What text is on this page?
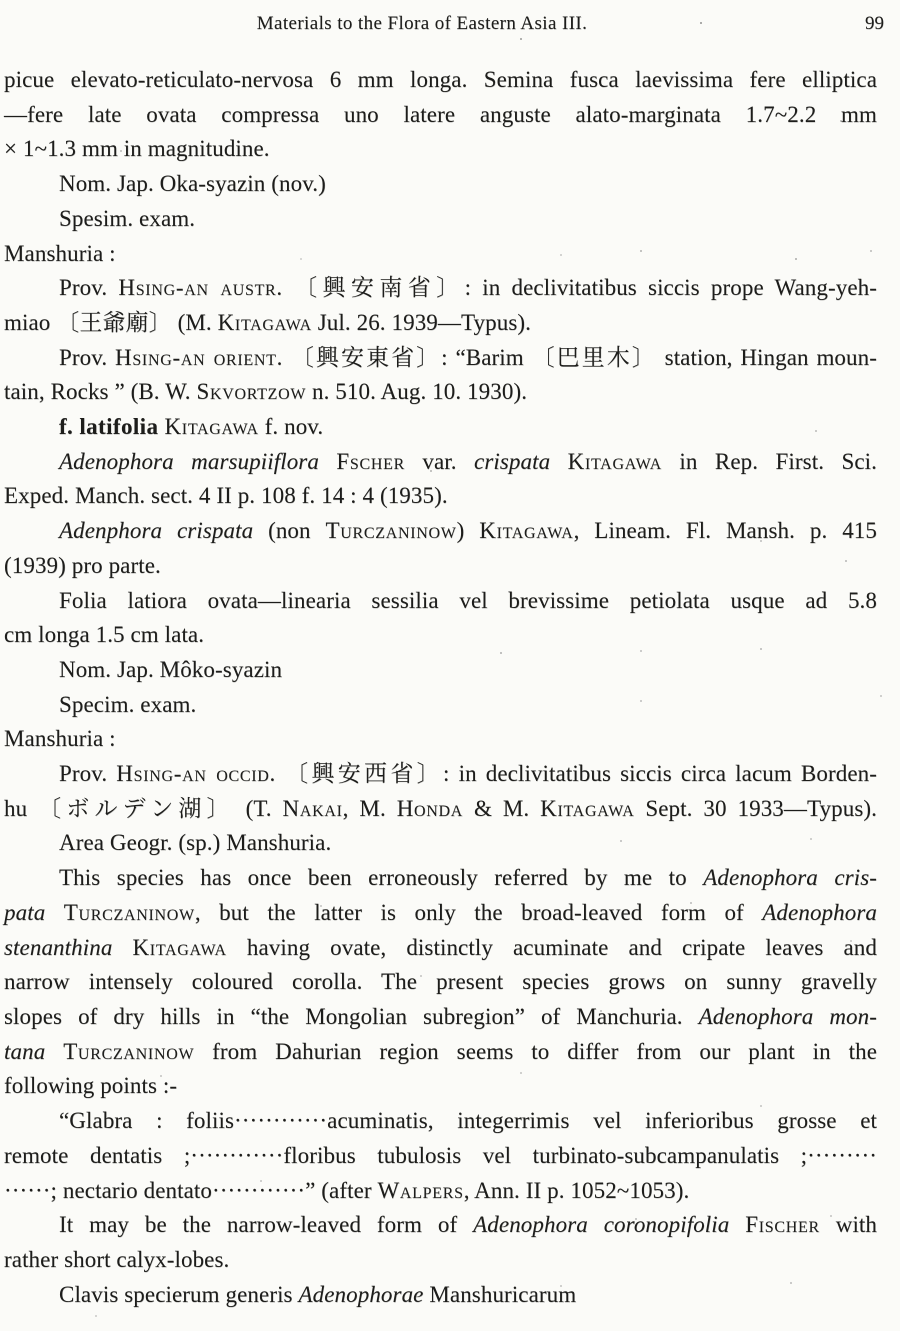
Materials to the Flora of Eastern Asia III.	99
picue elevato-reticulato-nervosa 6 mm longa. Semina fusca laevissima fere elliptica
—fere late ovata compressa uno latere anguste alato-marginata 1.7~2.2 mm
× 1~1.3 mm in magnitudine.
Nom. Jap. Oka-syazin (nov.)
Spesim. exam.
Manshuria :
Prov. Hsing-an austr. 〔興安南省〕: in declivitatibus siccis prope Wang-yeh-
miao 〔王爺廟〕 (M. Kitagawa Jul. 26. 1939—Typus).
Prov. Hsing-an orient. 〔興安東省〕: “Barim 〔巴里木〕 station, Hingan moun-
tain, Rocks ” (B. W. Skvortzow n. 510. Aug. 10. 1930).
f. latifolia Kitagawa f. nov.
Adenophora marsupiiflora Fscher var. crispata Kitagawa in Rep. First. Sci.
Exped. Manch. sect. 4 II p. 108 f. 14 : 4 (1935).
Adenphora crispata (non Turczaninow) Kitagawa, Lineam. Fl. Mansh. p. 415
(1939) pro parte.
Folia latiora ovata—linearia sessilia vel brevissime petiolata usque ad 5.8
cm longa 1.5 cm lata.
Nom. Jap. Môko-syazin
Specim. exam.
Manshuria :
Prov. Hsing-an occid. 〔興安西省〕: in declivitatibus siccis circa lacum Borden-
hu 〔ボルデン湖〕 (T. Nakai, M. Honda & M. Kitagawa Sept. 30 1933—Typus).
Area Geogr. (sp.) Manshuria.
This species has once been erroneously referred by me to Adenophora cris-
pata Turczaninow, but the latter is only the broad-leaved form of Adenophora
stenanthina Kitagawa having ovate, distinctly acuminate and cripate leaves and
narrow intensely coloured corolla. The present species grows on sunny gravelly
slopes of dry hills in “the Mongolian subregion” of Manchuria. Adenophora mon-
tana Turczaninow from Dahurian region seems to differ from our plant in the
following points :-
“Glabra : foliis············acuminatis, integerrimis vel inferioribus grosse et
remote dentatis ;············floribus tubulosis vel turbinato-subcampanulatis ;·········
······; nectario dentato············” (after Walpers, Ann. II p. 1052~1053).
It may be the narrow-leaved form of Adenophora coronopifolia Fischer with
rather short calyx-lobes.
Clavis specierum generis Adenophorae Manshuricarum
